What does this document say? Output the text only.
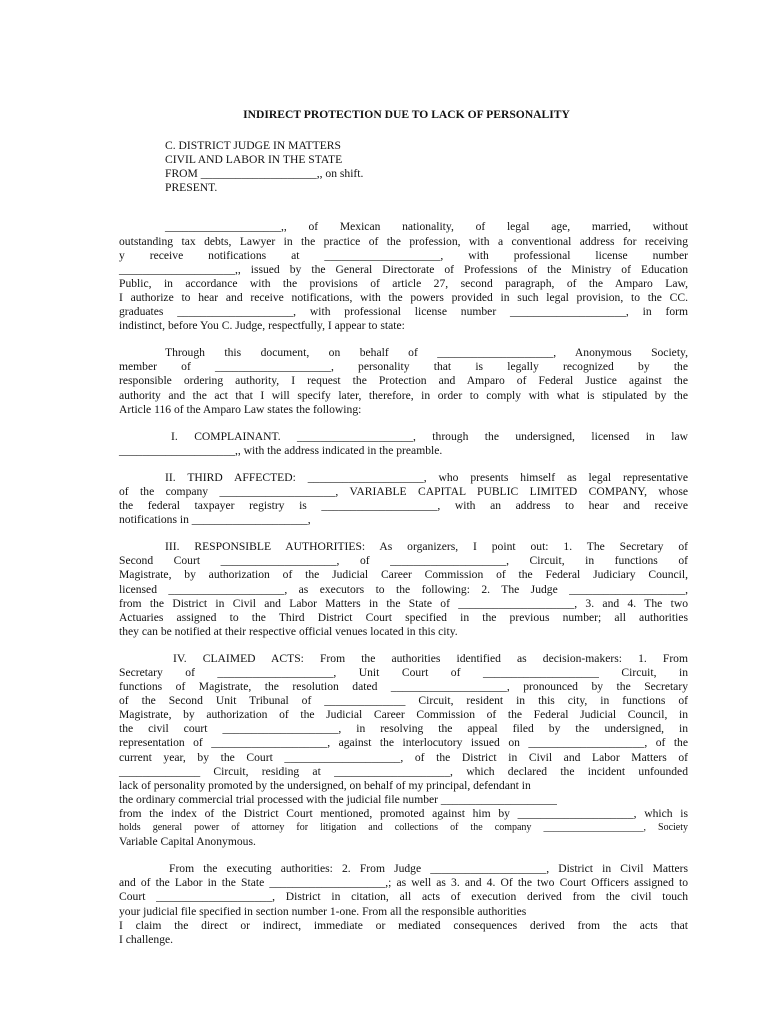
INDIRECT PROTECTION DUE TO LACK OF PERSONALITY
C. DISTRICT JUDGE IN MATTERS
CIVIL AND LABOR IN THE STATE
FROM ____________________,, on shift.
PRESENT.

____________________,, of Mexican nationality, of legal age, married, without
outstanding tax debts, Lawyer in the practice of the profession, with a conventional address for receiving
y receive notifications at ____________________, with professional license number
____________________,, issued by the General Directorate of Professions of the Ministry of Education
Public, in accordance with the provisions of article 27, second paragraph, of the Amparo Law,
I authorize to hear and receive notifications, with the powers provided in such legal provision, to the CC.
graduates ____________________, with professional license number ____________________, in form
indistinct, before You C. Judge, respectfully, I appear to state:

Through this document, on behalf of ____________________, Anonymous Society,
member of ____________________, personality that is legally recognized by the
responsible ordering authority, I request the Protection and Amparo of Federal Justice against the
authority and the act that I will specify later, therefore, in order to comply with what is stipulated by the
Article 116 of the Amparo Law states the following:

I. COMPLAINANT. ____________________, through the undersigned, licensed in law
____________________,, with the address indicated in the preamble.

II. THIRD AFFECTED: ____________________, who presents himself as legal representative
of the company ____________________, VARIABLE CAPITAL PUBLIC LIMITED COMPANY, whose
the federal taxpayer registry is ____________________, with an address to hear and receive
notifications in ____________________,

III. RESPONSIBLE AUTHORITIES: As organizers, I point out: 1. The Secretary of
Second Court ____________________, of ____________________, Circuit, in functions of
Magistrate, by authorization of the Judicial Career Commission of the Federal Judiciary Council,
licensed ____________________, as executors to the following: 2. The Judge ____________________,
from the District in Civil and Labor Matters in the State of ____________________, 3. and 4. The two
Actuaries assigned to the Third District Court specified in the previous number; all authorities
they can be notified at their respective official venues located in this city.

IV. CLAIMED ACTS: From the authorities identified as decision-makers: 1. From
Secretary of ____________________, Unit Court of ____________________ Circuit, in
functions of Magistrate, the resolution dated ____________________, pronounced by the Secretary
of the Second Unit Tribunal of ______________ Circuit, resident in this city, in functions of
Magistrate, by authorization of the Judicial Career Commission of the Federal Judicial Council, in
the civil court ____________________, in resolving the appeal filed by the undersigned, in
representation of ____________________, against the interlocutory issued on ____________________, of the
current year, by the Court ____________________, of the District in Civil and Labor Matters of
______________ Circuit, residing at ____________________, which declared the incident unfounded
lack of personality promoted by the undersigned, on behalf of my principal, defendant in
the ordinary commercial trial processed with the judicial file number ____________________
from the index of the District Court mentioned, promoted against him by ____________________, which is
holds general power of attorney for litigation and collections of the company ____________________, Society
Variable Capital Anonymous.

From the executing authorities: 2. From Judge ____________________, District in Civil Matters
and of the Labor in the State ____________________,; as well as 3. and 4. Of the two Court Officers assigned to
Court ____________________, District in citation, all acts of execution derived from the civil touch
your judicial file specified in section number 1-one. From all the responsible authorities
I claim the direct or indirect, immediate or mediated consequences derived from the acts that
I challenge.
